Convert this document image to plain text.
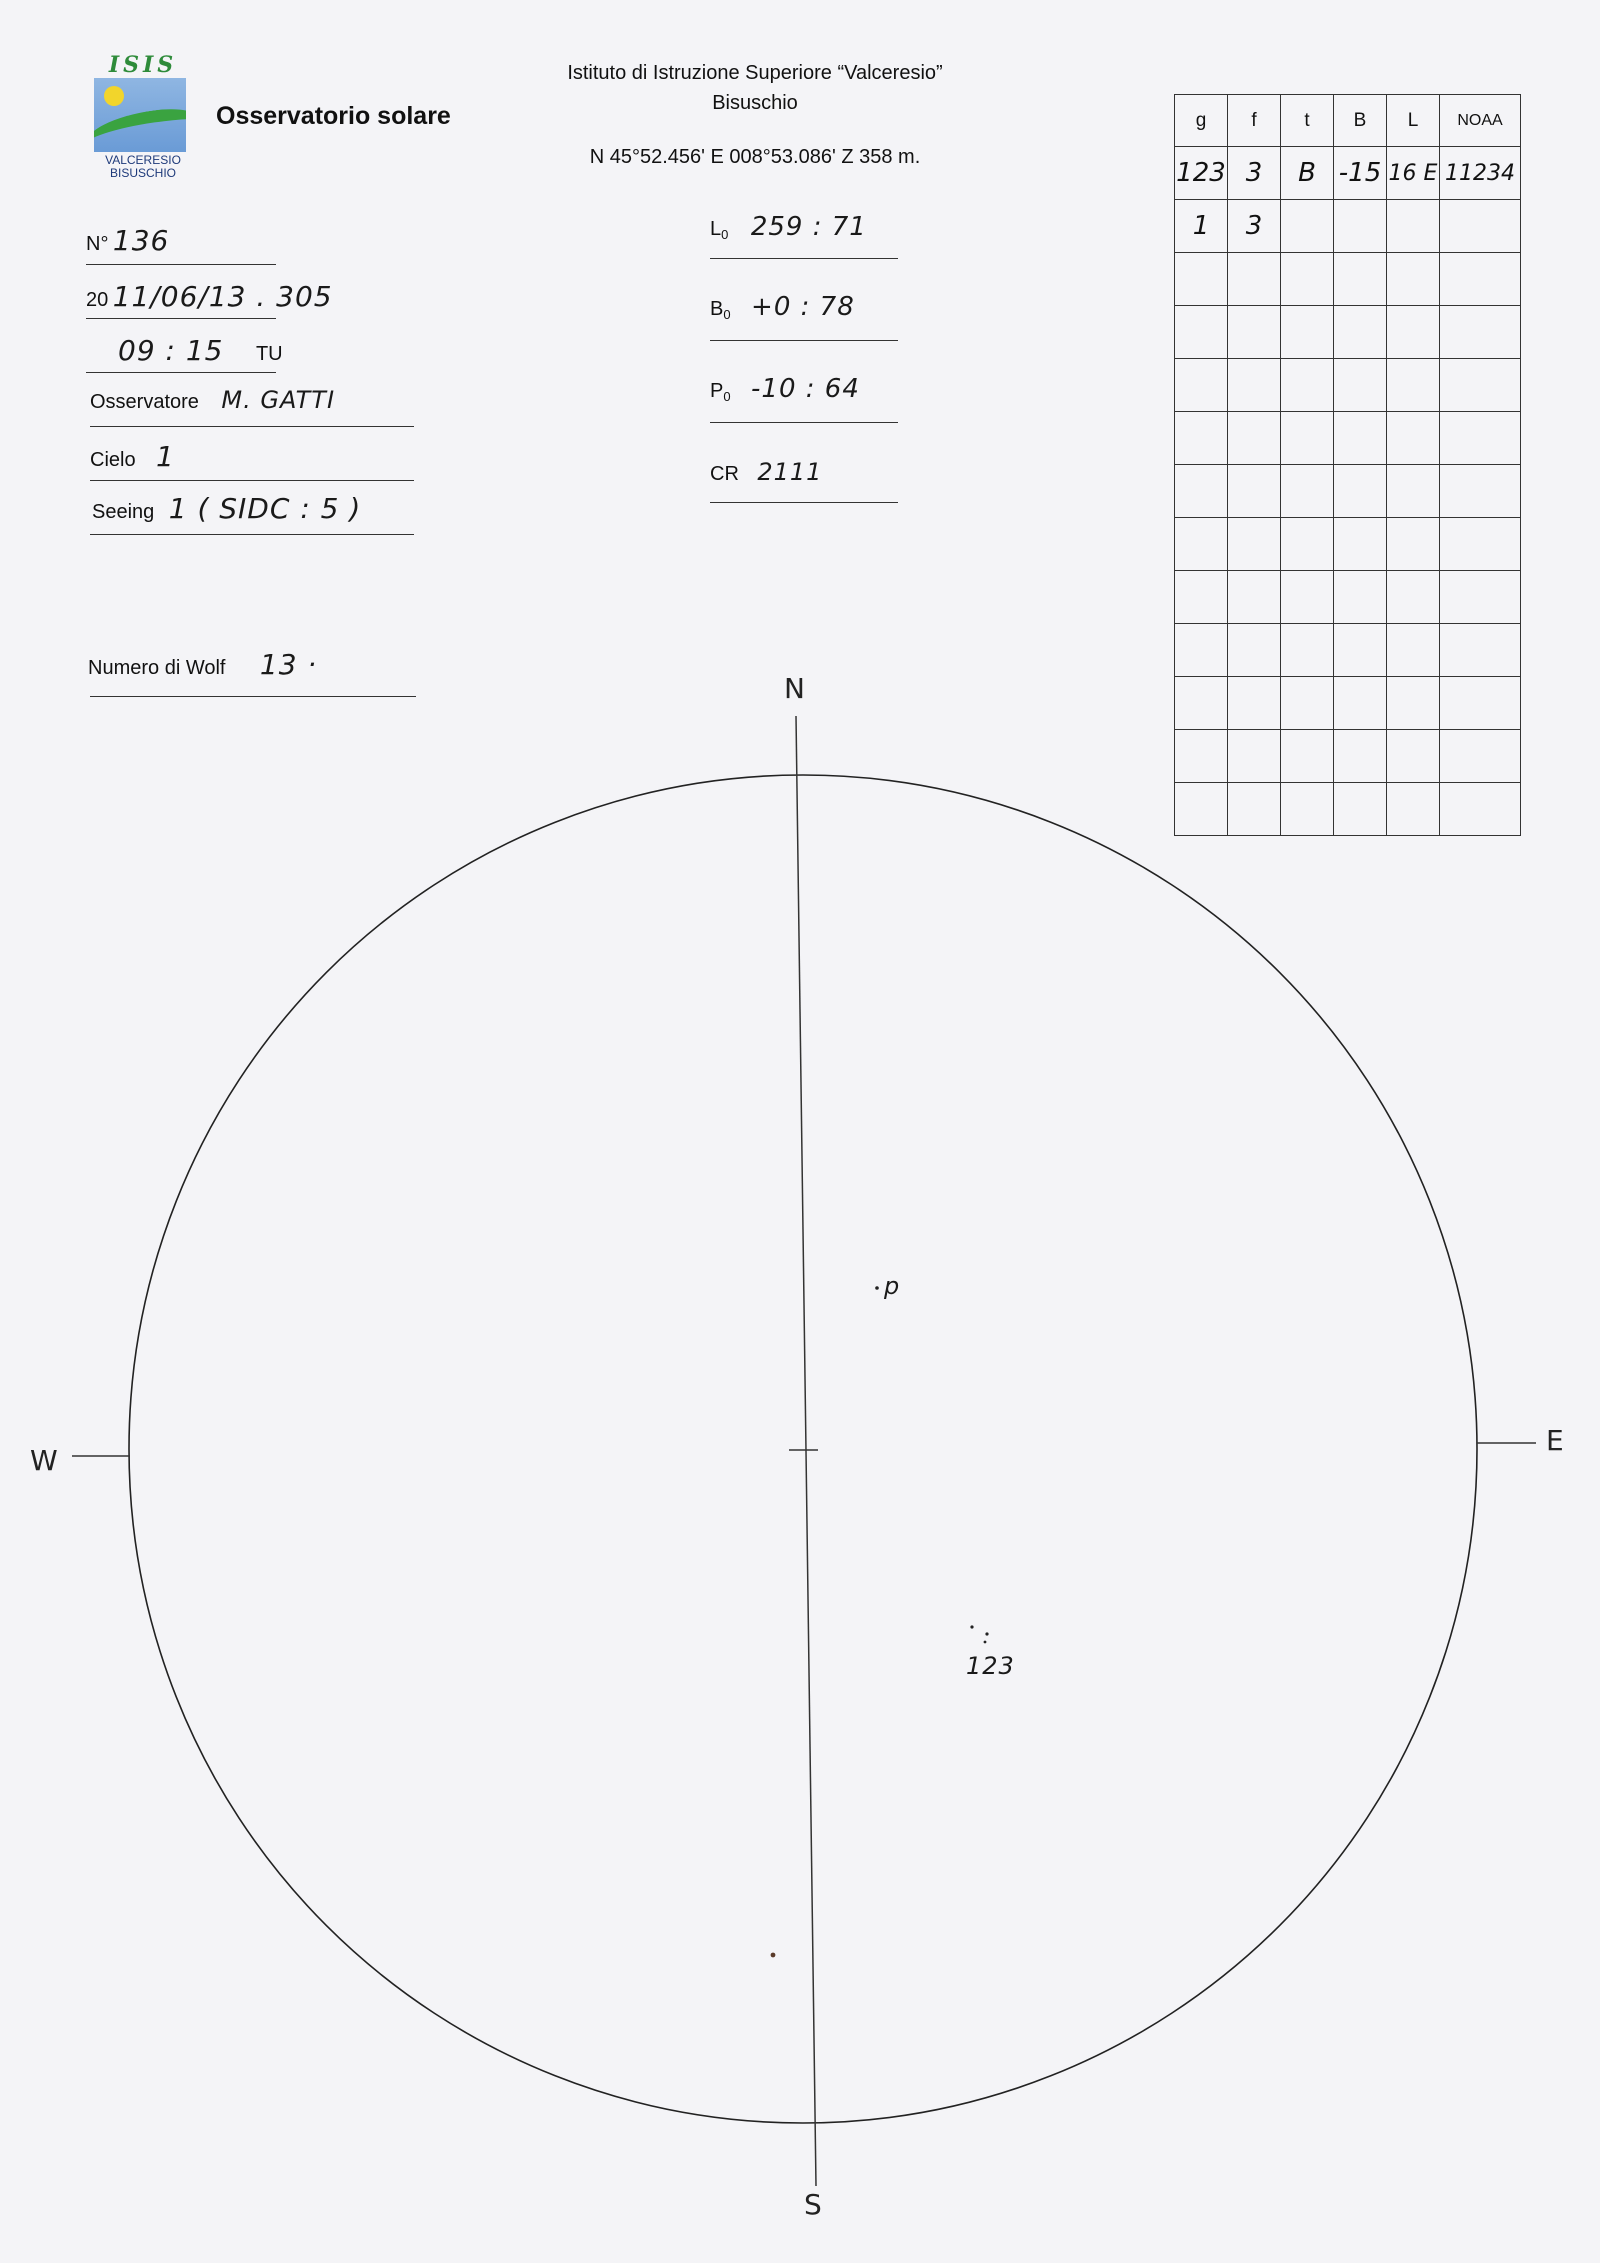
ISIS
VALCERESIO
BISUSCHIO
Osservatorio solare
Istituto di Istruzione Superiore “Valceresio”
Bisuschio
N 45°52.456' E 008°53.086' Z 358 m.
N° 136
20 11/06/13 . 305
09 : 15 TU
Osservatore M. GATTI
Cielo 1
Seeing 1 ( SIDC : 5 )
Numero di Wolf 13 ·
$L_0$ 259 : 71
$B_0 +0$ : 78
$P_0$ -10 : 64
CR 2111
g	f	t	B	L	NOAA
123	3	B	-15	16 E	11234
1	3				

N
S
E
W
p
123
